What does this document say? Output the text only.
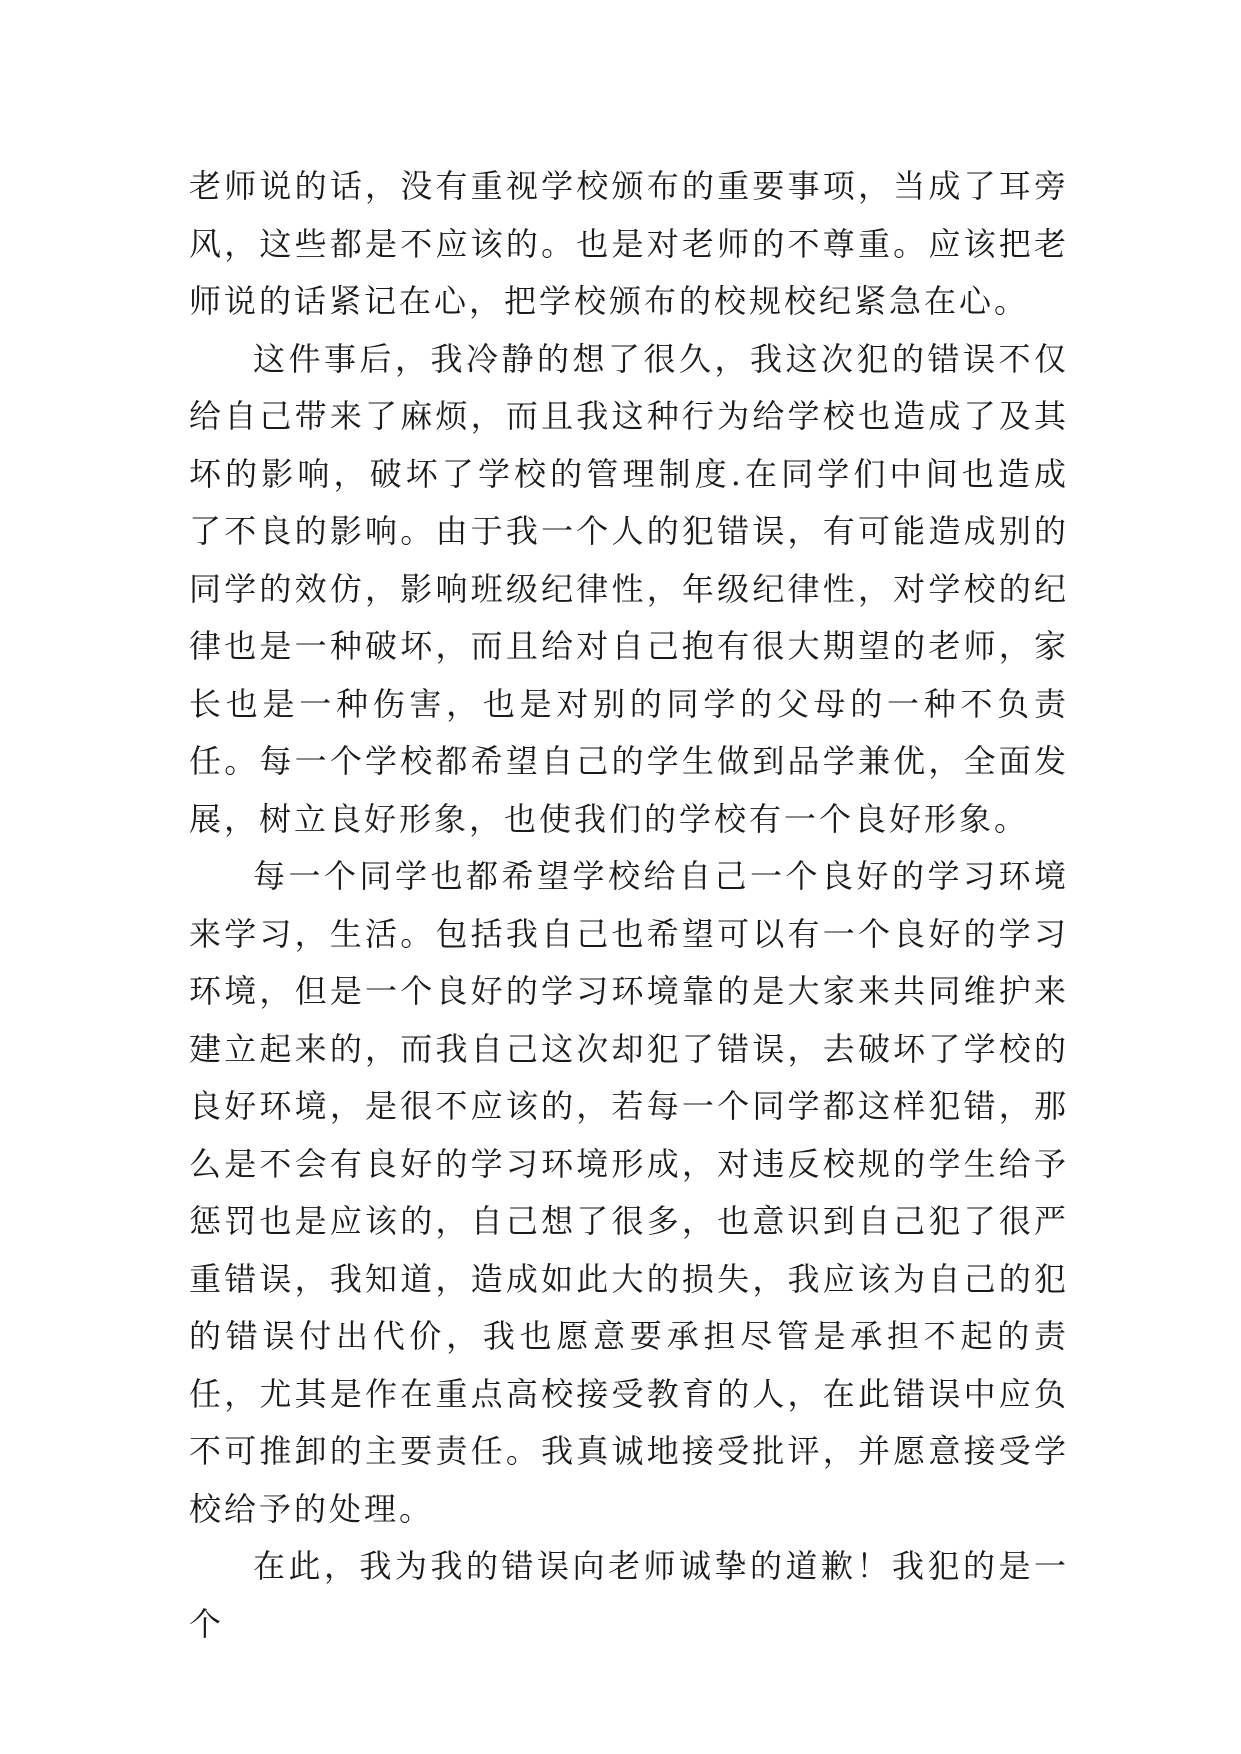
老师说的话，没有重视学校颁布的重要事项，当成了耳旁风，这些都是不应该的。也是对老师的不尊重。应该把老师说的话紧记在心，把学校颁布的校规校纪紧急在心。

这件事后，我冷静的想了很久，我这次犯的错误不仅给自己带来了麻烦，而且我这种行为给学校也造成了及其坏的影响，破坏了学校的管理制度.在同学们中间也造成了不良的影响。由于我一个人的犯错误，有可能造成别的同学的效仿，影响班级纪律性，年级纪律性，对学校的纪律也是一种破坏，而且给对自己抱有很大期望的老师，家长也是一种伤害，也是对别的同学的父母的一种不负责任。每一个学校都希望自己的学生做到品学兼优，全面发展，树立良好形象，也使我们的学校有一个良好形象。

每一个同学也都希望学校给自己一个良好的学习环境来学习，生活。包括我自己也希望可以有一个良好的学习环境，但是一个良好的学习环境靠的是大家来共同维护来建立起来的，而我自己这次却犯了错误，去破坏了学校的良好环境，是很不应该的，若每一个同学都这样犯错，那么是不会有良好的学习环境形成，对违反校规的学生给予惩罚也是应该的，自己想了很多，也意识到自己犯了很严重错误，我知道，造成如此大的损失，我应该为自己的犯的错误付出代价，我也愿意要承担尽管是承担不起的责任，尤其是作在重点高校接受教育的人，在此错误中应负不可推卸的主要责任。我真诚地接受批评，并愿意接受学校给予的处理。

在此，我为我的错误向老师诚挚的道歉！我犯的是一个
